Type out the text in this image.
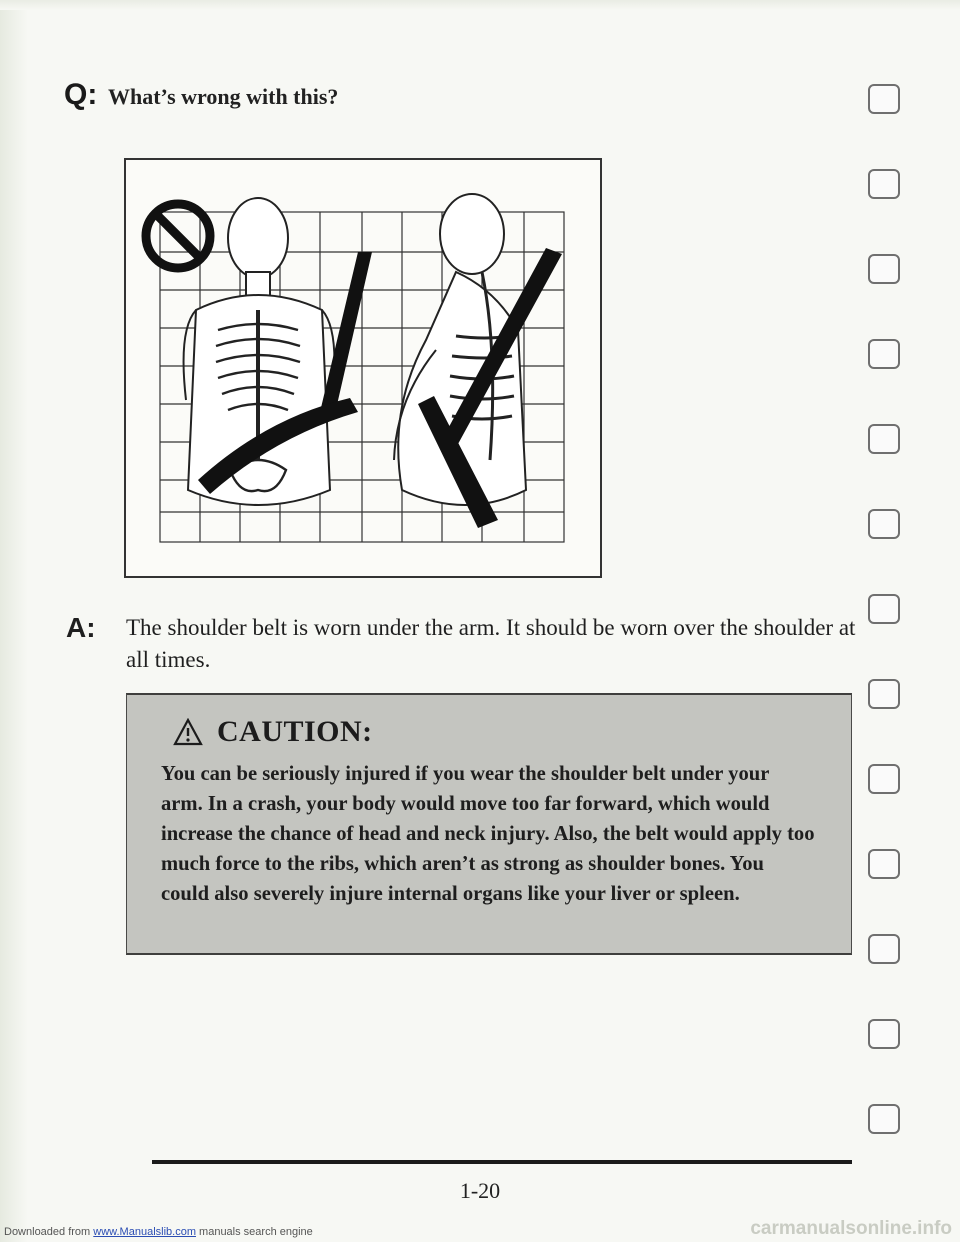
Q: What’s wrong with this?
A: The shoulder belt is worn under the arm. It should be worn over the shoulder at all times.
CAUTION:
You can be seriously injured if you wear the shoulder belt under your arm. In a crash, your body would move too far forward, which would increase the chance of head and neck injury. Also, the belt would apply too much force to the ribs, which aren’t as strong as shoulder bones. You could also severely injure internal organs like your liver or spleen.
1-20
Downloaded from www.Manualslib.com manuals search engine	carmanualsonline.info
